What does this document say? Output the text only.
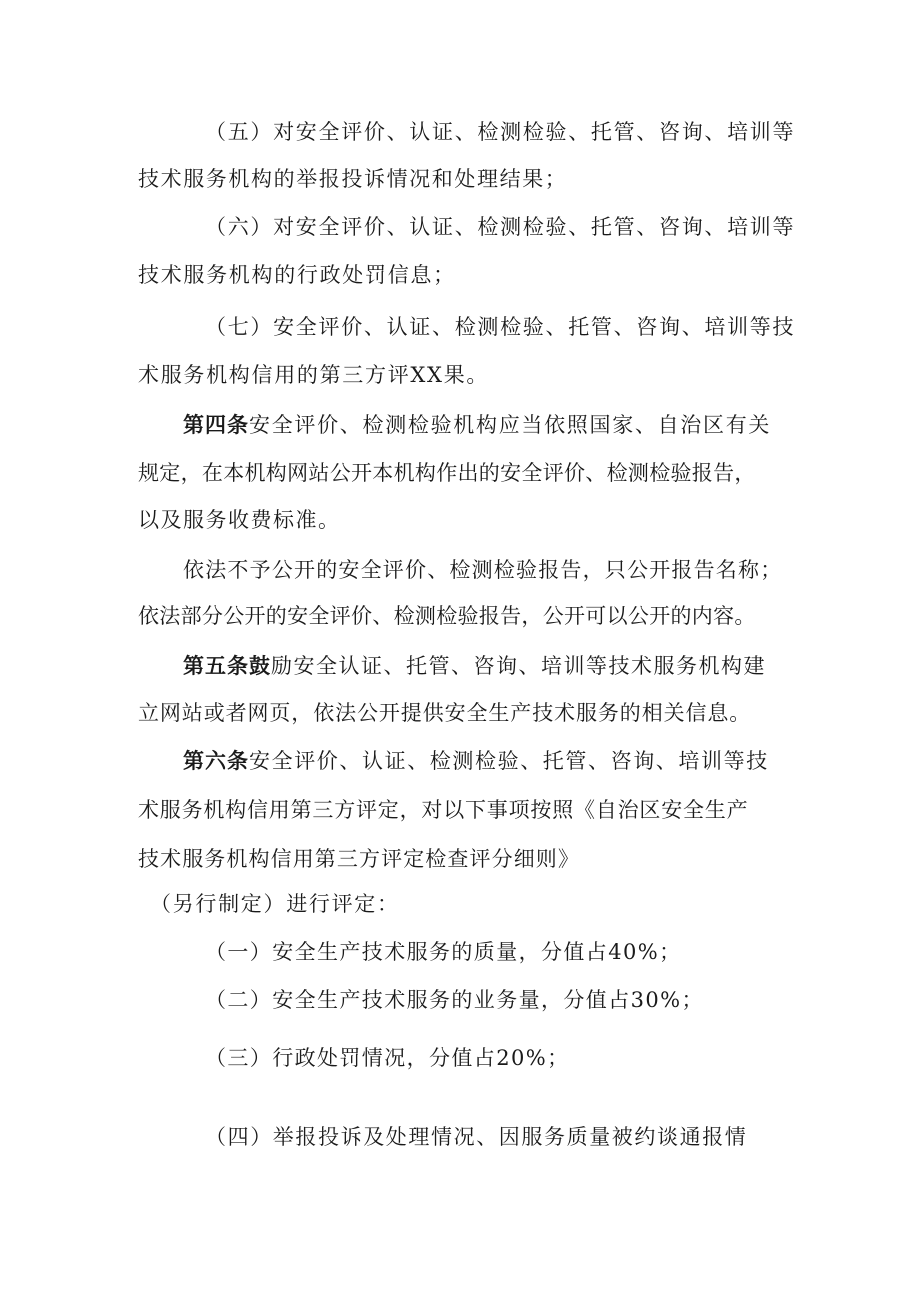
（五）对安全评价、认证、检测检验、托管、咨询、培训等
技术服务机构的举报投诉情况和处理结果；
（六）对安全评价、认证、检测检验、托管、咨询、培训等
技术服务机构的行政处罚信息；
（七）安全评价、认证、检测检验、托管、咨询、培训等技
术服务机构信用的第三方评XX果。
第四条安全评价、检测检验机构应当依照国家、自治区有关
规定，在本机构网站公开本机构作出的安全评价、检测检验报告，
以及服务收费标准。
依法不予公开的安全评价、检测检验报告，只公开报告名称；
依法部分公开的安全评价、检测检验报告，公开可以公开的内容。
第五条鼓励安全认证、托管、咨询、培训等技术服务机构建
立网站或者网页，依法公开提供安全生产技术服务的相关信息。
第六条安全评价、认证、检测检验、托管、咨询、培训等技
术服务机构信用第三方评定，对以下事项按照《自治区安全生产
技术服务机构信用第三方评定检查评分细则》
（另行制定）进行评定：
（一）安全生产技术服务的质量，分值占40%；
（二）安全生产技术服务的业务量，分值占30%；
（三）行政处罚情况，分值占20%；
（四）举报投诉及处理情况、因服务质量被约谈通报情
